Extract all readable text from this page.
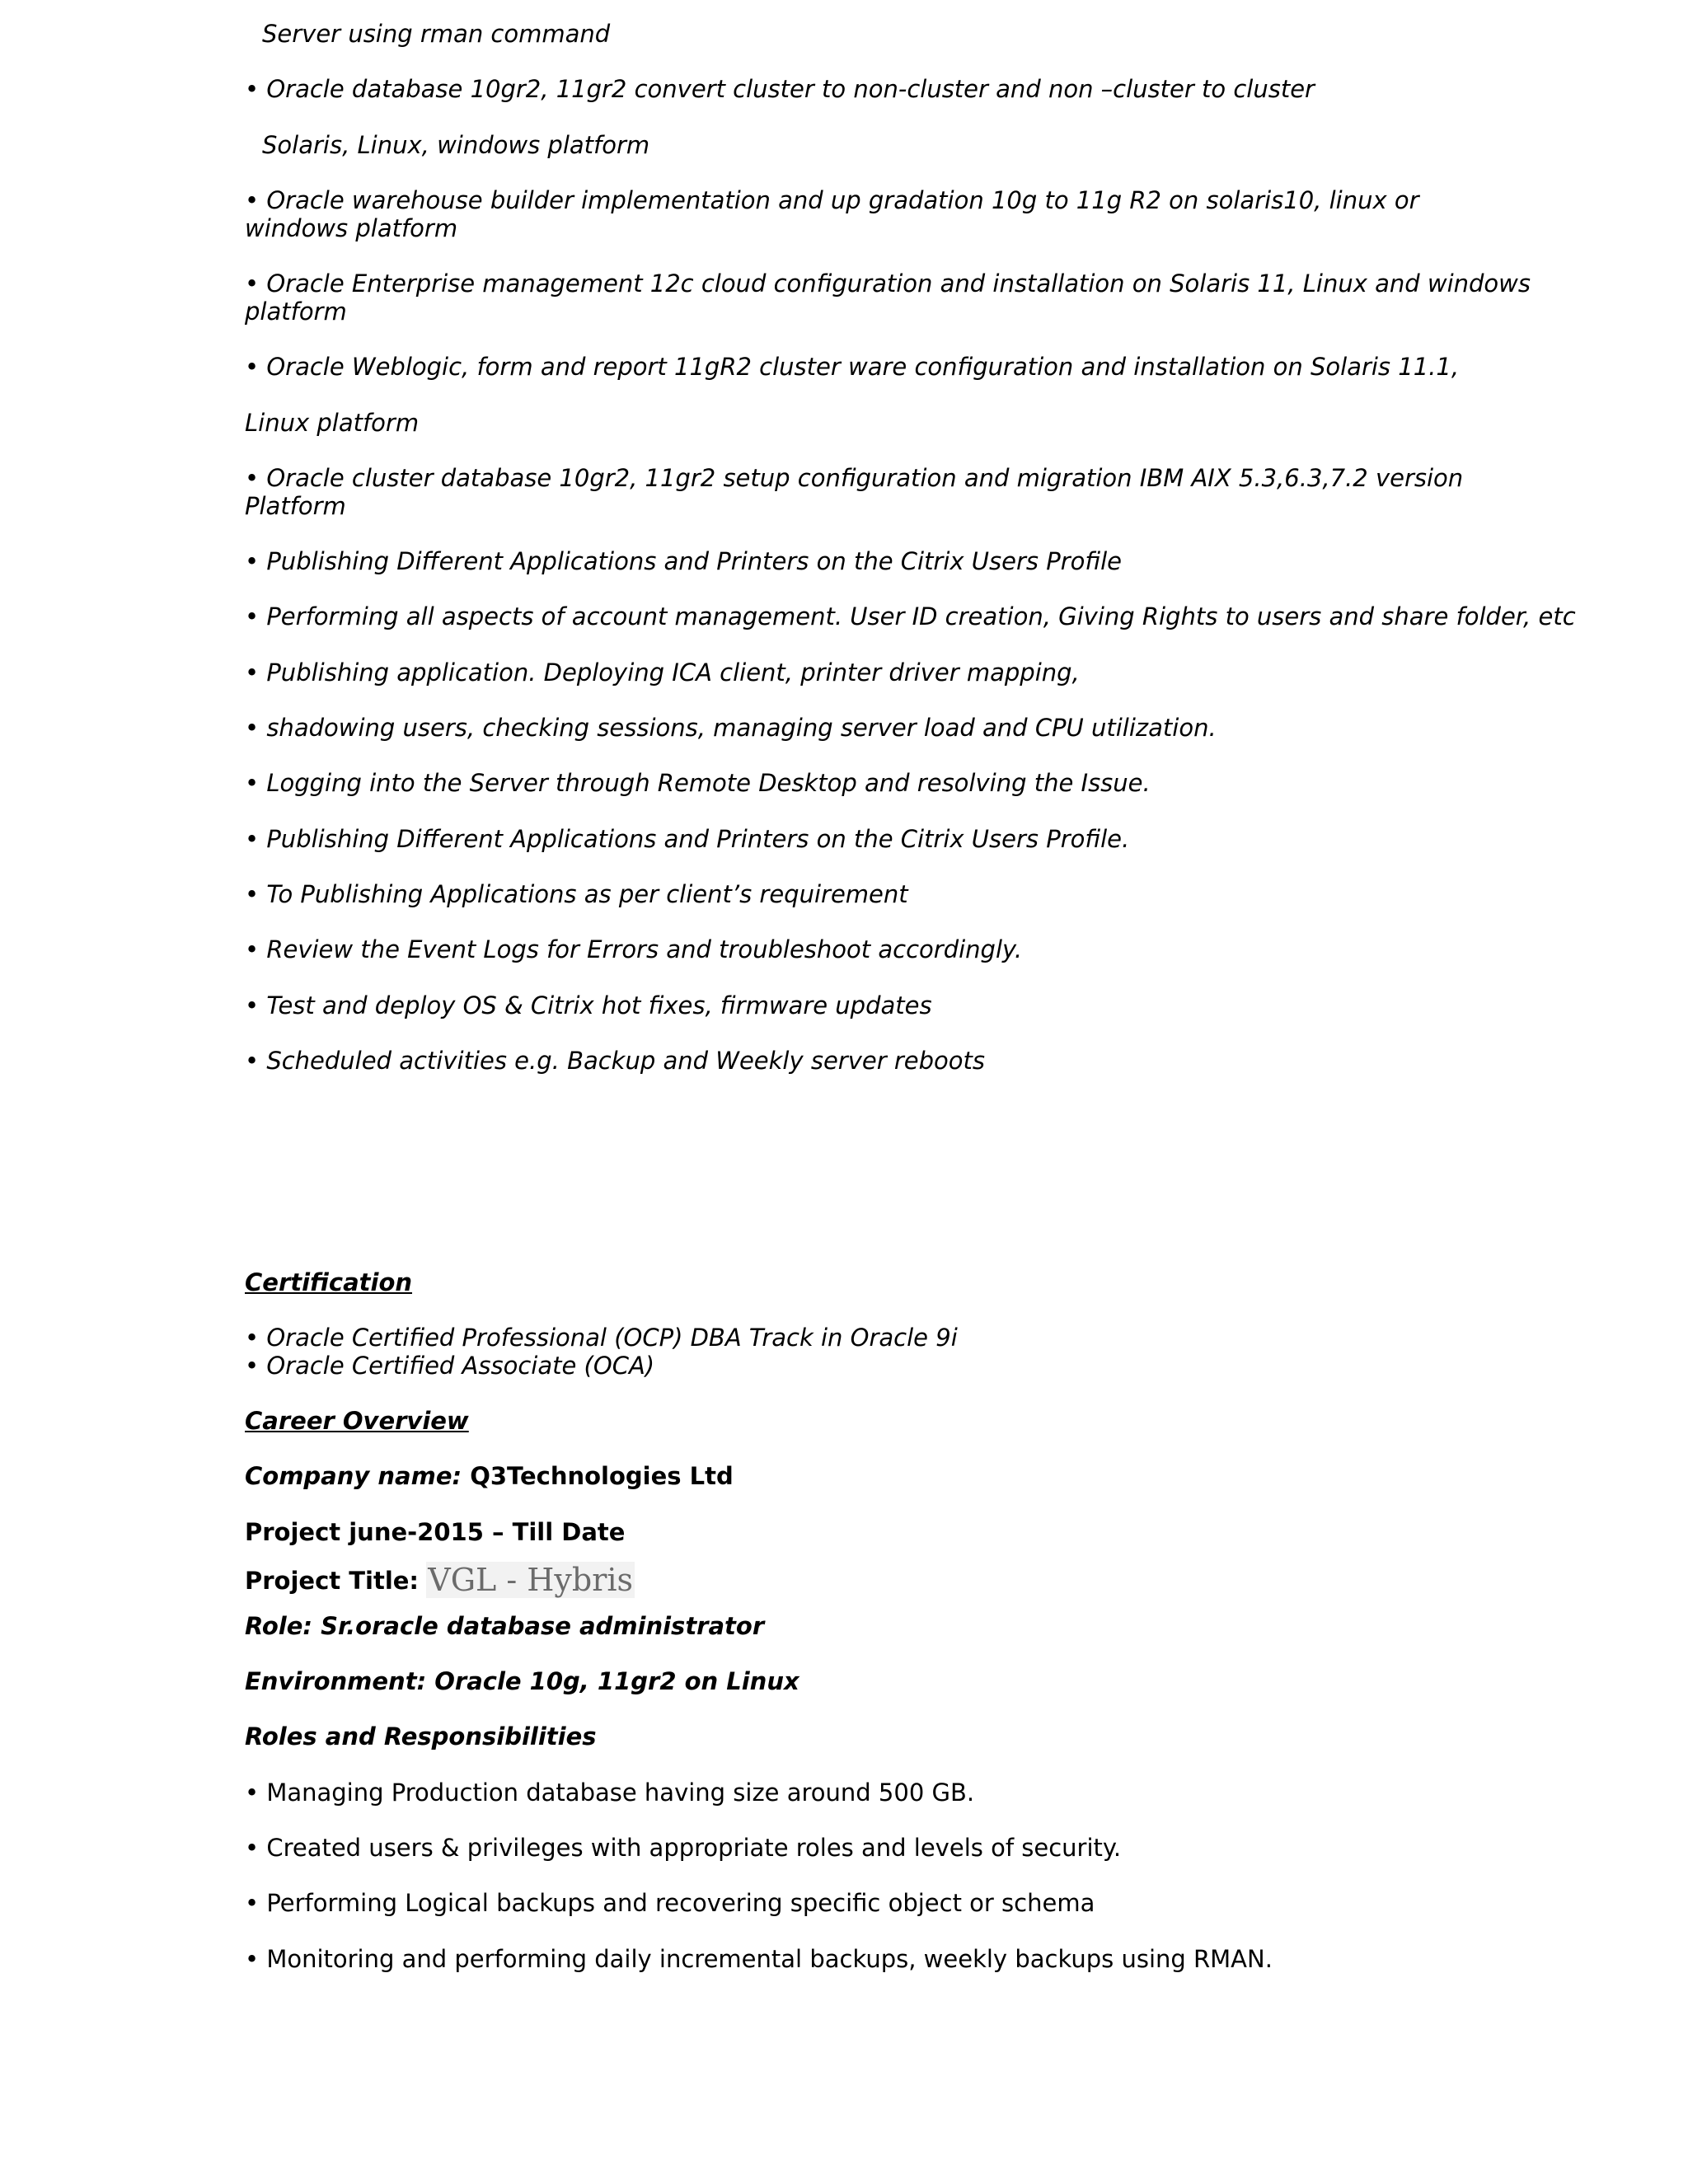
Server using rman command
• Oracle database 10gr2, 11gr2 convert cluster to non-cluster and non –cluster to cluster
Solaris, Linux, windows platform
• Oracle warehouse builder implementation and up gradation 10g to 11g R2 on solaris10, linux or
windows platform
• Oracle Enterprise management 12c cloud configuration and installation on Solaris 11, Linux and windows
platform
• Oracle Weblogic, form and report 11gR2 cluster ware configuration and installation on Solaris 11.1,
Linux platform
• Oracle cluster database 10gr2, 11gr2 setup configuration and migration IBM AIX 5.3,6.3,7.2 version
Platform
• Publishing Different Applications and Printers on the Citrix Users Profile
• Performing all aspects of account management. User ID creation, Giving Rights to users and share folder, etc
• Publishing application. Deploying ICA client, printer driver mapping,
• shadowing users, checking sessions, managing server load and CPU utilization.
• Logging into the Server through Remote Desktop and resolving the Issue.
• Publishing Different Applications and Printers on the Citrix Users Profile.
• To Publishing Applications as per client’s requirement
• Review the Event Logs for Errors and troubleshoot accordingly.
• Test and deploy OS & Citrix hot fixes, firmware updates
• Scheduled activities e.g. Backup and Weekly server reboots
Certification
• Oracle Certified Professional (OCP) DBA Track in Oracle 9i
• Oracle Certified Associate (OCA)
Career Overview
Company name: Q3Technologies Ltd
Project june-2015 – Till Date
Project Title: VGL - Hybris
Role: Sr.oracle database administrator
Environment: Oracle 10g, 11gr2 on Linux
Roles and Responsibilities
• Managing Production database having size around 500 GB.
• Created users & privileges with appropriate roles and levels of security.
• Performing Logical backups and recovering specific object or schema
• Monitoring and performing daily incremental backups, weekly backups using RMAN.
